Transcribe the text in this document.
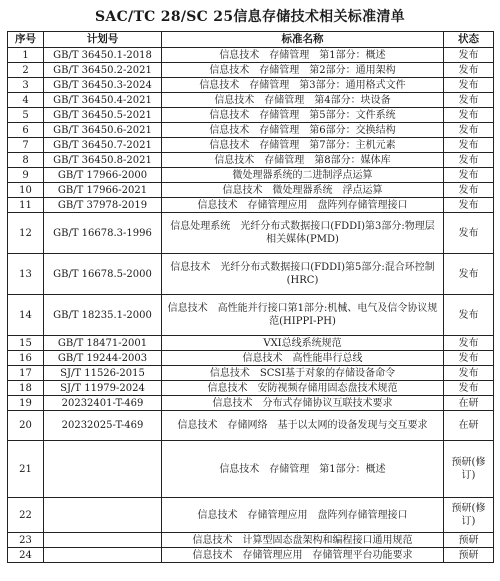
SAC/TC 28/SC 25信息存储技术相关标准清单
序号	计划号	标准名称	状态
1	GB/T 36450.1-2018	信息技术　存储管理　第1部分：概述	发布
2	GB/T 36450.2-2021	信息技术　存储管理　第2部分：通用架构	发布
3	GB/T 36450.3-2024	信息技术　存储管理　第3部分：通用格式文件	发布
4	GB/T 36450.4-2021	信息技术　存储管理　第4部分：块设备	发布
5	GB/T 36450.5-2021	信息技术　存储管理　第5部分：文件系统	发布
6	GB/T 36450.6-2021	信息技术　存储管理　第6部分：交换结构	发布
7	GB/T 36450.7-2021	信息技术　存储管理　第7部分：主机元素	发布
8	GB/T 36450.8-2021	信息技术　存储管理　第8部分：媒体库	发布
9	GB/T 17966-2000	微处理器系统的二进制浮点运算	发布
10	GB/T 17966-2021	信息技术　微处理器系统　浮点运算	发布
11	GB/T 37978-2019	信息技术　存储管理应用　盘阵列存储管理接口	发布
12	GB/T 16678.3-1996	信息处理系统　光纤分布式数据接口(FDDI)第3部分:物理层相关媒体(PMD)	发布
13	GB/T 16678.5-2000	信息技术　光纤分布式数据接口(FDDI)第5部分:混合环控制(HRC)	发布
14	GB/T 18235.1-2000	信息技术　高性能并行接口第1部分:机械、电气及信令协议规范(HIPPI-PH)	发布
15	GB/T 18471-2001	VXI总线系统规范	发布
16	GB/T 19244-2003	信息技术　高性能串行总线	发布
17	SJ/T 11526-2015	信息技术　SCSI基于对象的存储设备命令	发布
18	SJ/T 11979-2024	信息技术　安防视频存储用固态盘技术规范	发布
19	20232401-T-469	信息技术　分布式存储协议互联技术要求	在研
20	20232025-T-469	信息技术　存储网络　基于以太网的设备发现与交互要求	在研
21		信息技术　存储管理　第1部分：概述	预研(修订)
22		信息技术　存储管理应用　盘阵列存储管理接口	预研(修订)
23		信息技术　计算型固态盘架构和编程接口通用规范	预研
24		信息技术　存储管理应用　存储管理平台功能要求	预研
